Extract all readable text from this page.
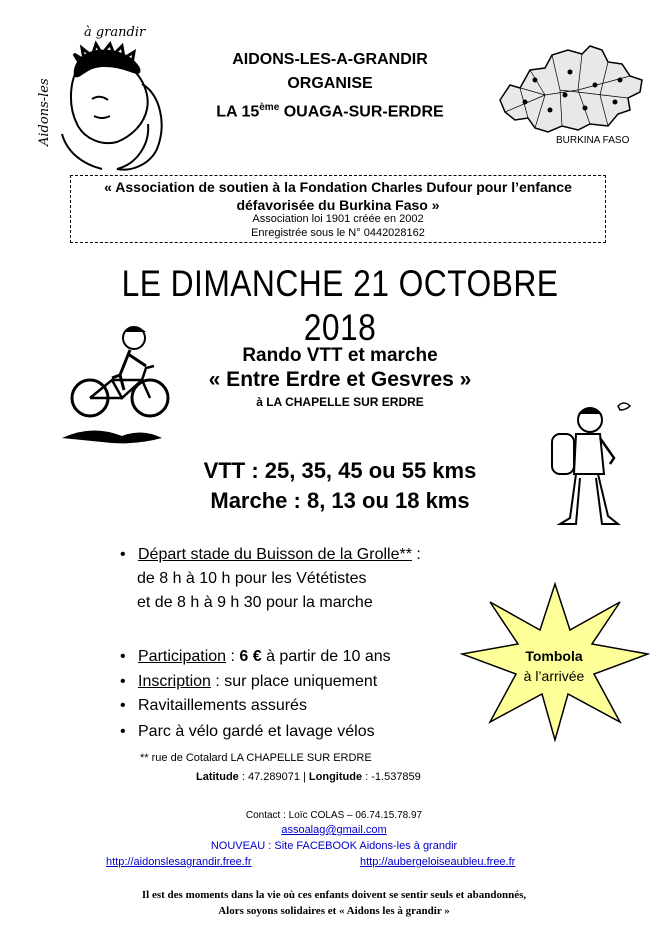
à grandir
Aidons-les
AIDONS-LES-A-GRANDIR
ORGANISE
LA 15ème OUAGA-SUR-ERDRE
BURKINA FASO
« Association de soutien à la Fondation Charles Dufour pour l’enfance défavorisée du Burkina Faso »
Association loi 1901 créée en 2002
Enregistrée sous le N° 0442028162
LE DIMANCHE 21 OCTOBRE 2018
Rando VTT et marche
« Entre Erdre et Gesvres »
à LA CHAPELLE SUR ERDRE
VTT : 25, 35, 45 ou 55 kms
Marche : 8, 13 ou 18 kms
• Départ stade du Buisson de la Grolle** :
de 8 h à 10 h pour les Vététistes
et de 8 h à 9 h 30 pour la marche
• Participation : 6 € à partir de 10 ans
• Inscription : sur place uniquement
• Ravitaillements assurés
• Parc à vélo gardé et lavage vélos
Tombola
à l’arrivée
** rue de Cotalard LA CHAPELLE SUR ERDRE
Latitude : 47.289071 | Longitude : -1.537859
Contact : Loïc COLAS – 06.74.15.78.97
assoalag@gmail.com
NOUVEAU : Site FACEBOOK Aidons-les à grandir
http://aidonslesagrandir.free.fr	http://aubergeloiseaubleu.free.fr
Il est des moments dans la vie où ces enfants doivent se sentir seuls et abandonnés,
Alors soyons solidaires et « Aidons les à grandir »
